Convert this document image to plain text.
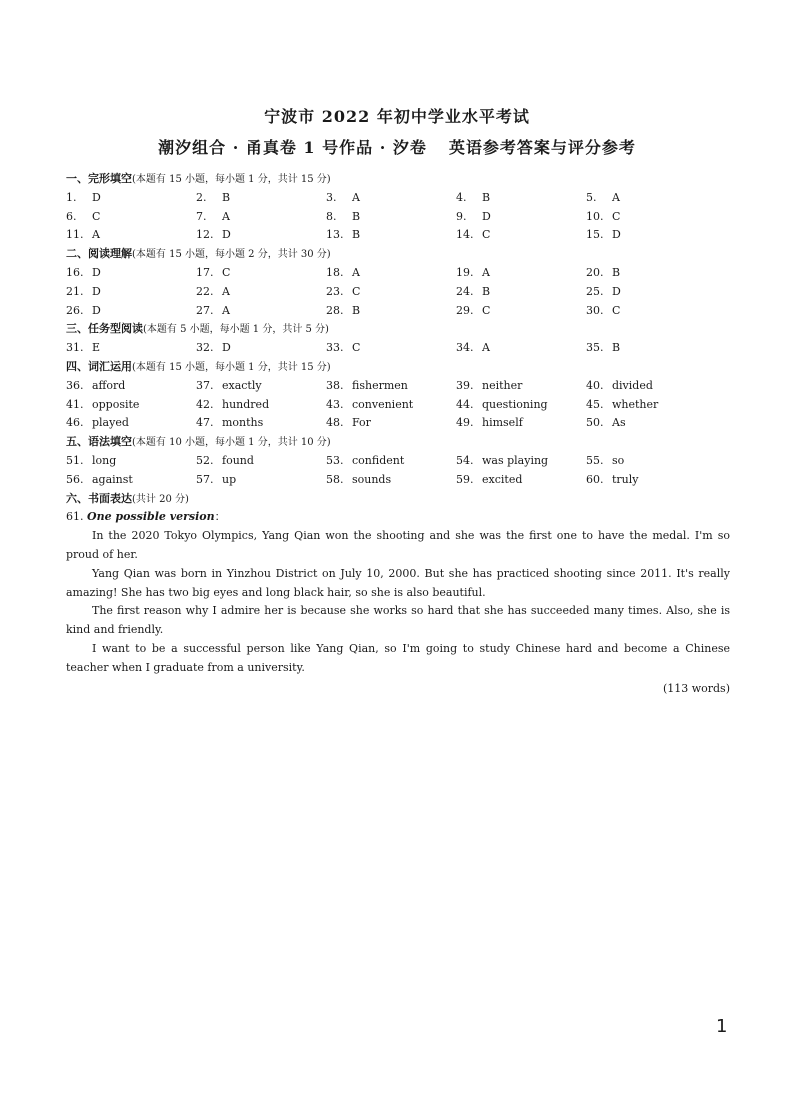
宁波市 2022 年初中学业水平考试
潮汐组合 · 甬真卷 1 号作品 · 汐卷 英语参考答案与评分参考
一、完形填空(本题有 15 小题，每小题 1 分，共计 15 分)
1. D	2. B	3. A	4. B	5. A
6. C	7. A	8. B	9. D	10. C
11. A	12. D	13. B	14. C	15. D
二、阅读理解(本题有 15 小题，每小题 2 分，共计 30 分)
16. D	17. C	18. A	19. A	20. B
21. D	22. A	23. C	24. B	25. D
26. D	27. A	28. B	29. C	30. C
三、任务型阅读(本题有 5 小题，每小题 1 分，共计 5 分)
31. E	32. D	33. C	34. A	35. B
四、词汇运用(本题有 15 小题，每小题 1 分，共计 15 分)
36. afford	37. exactly	38. fishermen	39. neither	40. divided
41. opposite	42. hundred	43. convenient	44. questioning	45. whether
46. played	47. months	48. For	49. himself	50. As
五、语法填空(本题有 10 小题，每小题 1 分，共计 10 分)
51. long	52. found	53. confident	54. was playing	55. so
56. against	57. up	58. sounds	59. excited	60. truly
六、书面表达(共计 20 分)
61. One possible version：

In the 2020 Tokyo Olympics, Yang Qian won the shooting and she was the first one to have the medal. I'm so proud of her.

Yang Qian was born in Yinzhou District on July 10, 2000. But she has practiced shooting since 2011. It's really amazing! She has two big eyes and long black hair, so she is also beautiful.

The first reason why I admire her is because she works so hard that she has succeeded many times. Also, she is kind and friendly.

I want to be a successful person like Yang Qian, so I'm going to study Chinese hard and become a Chinese teacher when I graduate from a university.

(113 words)
1
